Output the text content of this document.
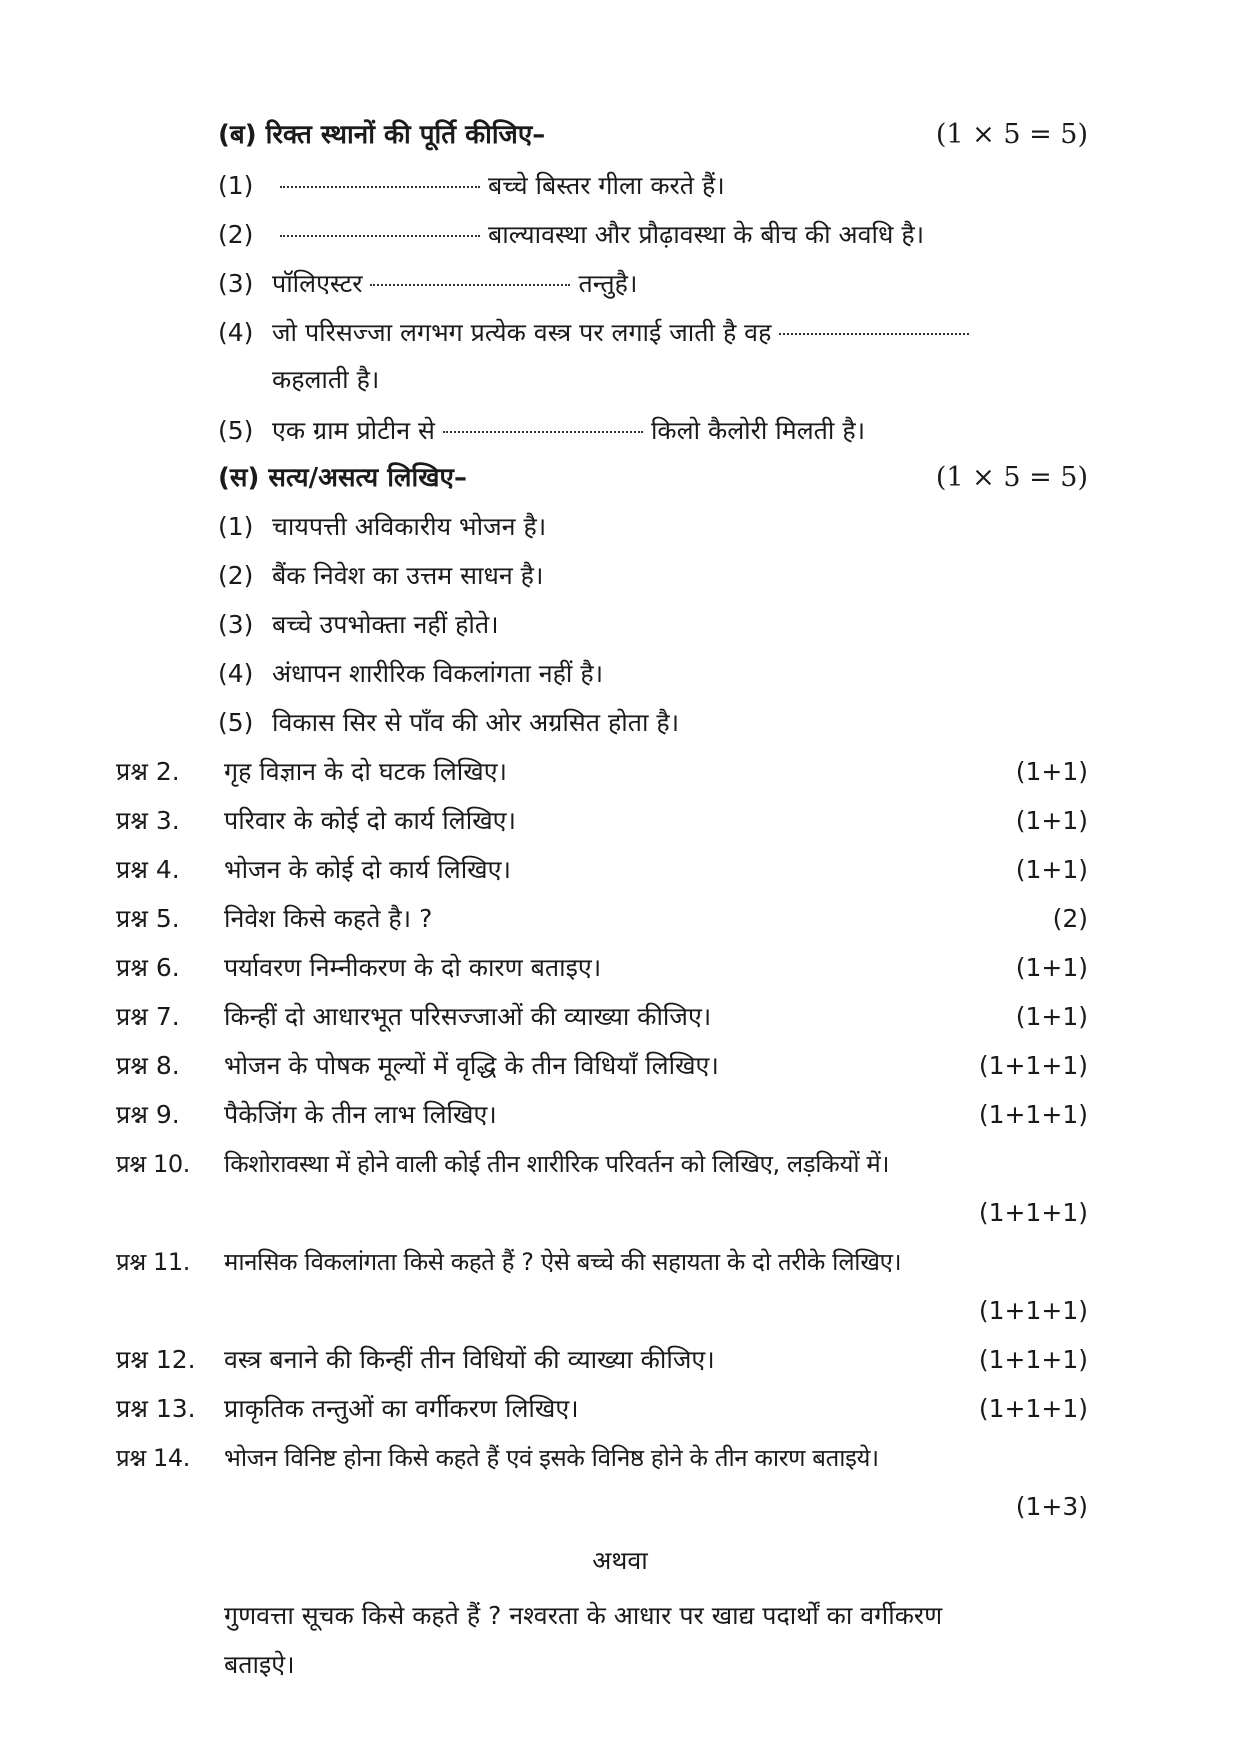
(ब) रिक्त स्थानों की पूर्ति कीजिए–	(1 × 5 = 5)
(1)	बच्चे बिस्तर गीला करते हैं।
(2)	बाल्यावस्था और प्रौढ़ावस्था के बीच की अवधि है।
(3) पॉलिएस्टर	तन्तुहै।
(4) जो परिसज्जा लगभग प्रत्येक वस्त्र पर लगाई जाती है वह
कहलाती है।
(5) एक ग्राम प्रोटीन से	किलो कैलोरी मिलती है।
(स) सत्य/असत्य लिखिए–	(1 × 5 = 5)
(1) चायपत्ती अविकारीय भोजन है।
(2) बैंक निवेश का उत्तम साधन है।
(3) बच्चे उपभोक्ता नहीं होते।
(4) अंधापन शारीरिक विकलांगता नहीं है।
(5) विकास सिर से पाँव की ओर अग्रसित होता है।
प्रश्न 2. गृह विज्ञान के दो घटक लिखिए।	(1+1)
प्रश्न 3. परिवार के कोई दो कार्य लिखिए।	(1+1)
प्रश्न 4. भोजन के कोई दो कार्य लिखिए।	(1+1)
प्रश्न 5. निवेश किसे कहते है। ?	(2)
प्रश्न 6. पर्यावरण निम्नीकरण के दो कारण बताइए।	(1+1)
प्रश्न 7. किन्हीं दो आधारभूत परिसज्जाओं की व्याख्या कीजिए।	(1+1)
प्रश्न 8. भोजन के पोषक मूल्यों में वृद्धि के तीन विधियाँ लिखिए।	(1+1+1)
प्रश्न 9. पैकेजिंग के तीन लाभ लिखिए।	(1+1+1)
प्रश्न 10. किशोरावस्था में होने वाली कोई तीन शारीरिक परिवर्तन को लिखिए, लड़कियों में।
(1+1+1)
प्रश्न 11. मानसिक विकलांगता किसे कहते हैं ? ऐसे बच्चे की सहायता के दो तरीके लिखिए।
(1+1+1)
प्रश्न 12. वस्त्र बनाने की किन्हीं तीन विधियों की व्याख्या कीजिए।	(1+1+1)
प्रश्न 13. प्राकृतिक तन्तुओं का वर्गीकरण लिखिए।	(1+1+1)
प्रश्न 14. भोजन विनिष्ट होना किसे कहते हैं एवं इसके विनिष्ठ होने के तीन कारण बताइये।
(1+3)
अथवा
गुणवत्ता सूचक किसे कहते हैं ? नश्वरता के आधार पर खाद्य पदार्थों का वर्गीकरण
बताइऐ।
